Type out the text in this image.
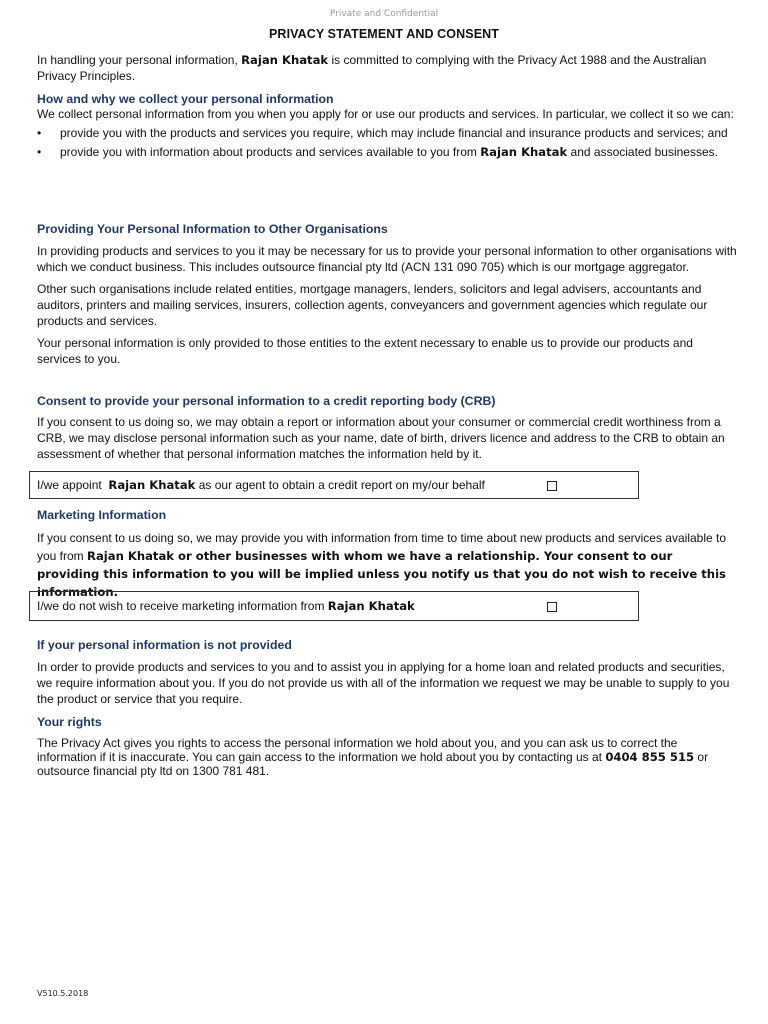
Private and Confidential
PRIVACY STATEMENT AND CONSENT

In handling your personal information, Rajan Khatak is committed to complying with the Privacy Act 1988 and the Australian Privacy Principles.

How and why we collect your personal information

We collect personal information from you when you apply for or use our products and services. In particular, we collect it so we can:

• provide you with the products and services you require, which may include financial and insurance products and services; and
• provide you with information about products and services available to you from Rajan Khatak and associated businesses.
Providing Your Personal Information to Other Organisations

In providing products and services to you it may be necessary for us to provide your personal information to other organisations with which we conduct business. This includes outsource financial pty ltd (ACN 131 090 705) which is our mortgage aggregator.

Other such organisations include related entities, mortgage managers, lenders, solicitors and legal advisers, accountants and auditors, printers and mailing services, insurers, collection agents, conveyancers and government agencies which regulate our products and services.

Your personal information is only provided to those entities to the extent necessary to enable us to provide our products and services to you.

Consent to provide your personal information to a credit reporting body (CRB)

If you consent to us doing so, we may obtain a report or information about your consumer or commercial credit worthiness from a CRB, we may disclose personal information such as your name, date of birth, drivers licence and address to the CRB to obtain an assessment of whether that personal information matches the information held by it.

I/we appoint  Rajan Khatak as our agent to obtain a credit report on my/our behalf
Marketing Information

If you consent to us doing so, we may provide you with information from time to time about new products and services available to you from Rajan Khatak or other businesses with whom we have a relationship. Your consent to our providing this information to you will be implied unless you notify us that you do not wish to receive this information.

I/we do not wish to receive marketing information from Rajan Khatak
If your personal information is not provided

In order to provide products and services to you and to assist you in applying for a home loan and related products and securities, we require information about you. If you do not provide us with all of the information we request we may be unable to supply to you the product or service that you require.

Your rights

The Privacy Act gives you rights to access the personal information we hold about you, and you can ask us to correct the information if it is inaccurate. You can gain access to the information we hold about you by contacting us at 0404 855 515 or outsource financial pty ltd on 1300 781 481.

V510.5.2018
